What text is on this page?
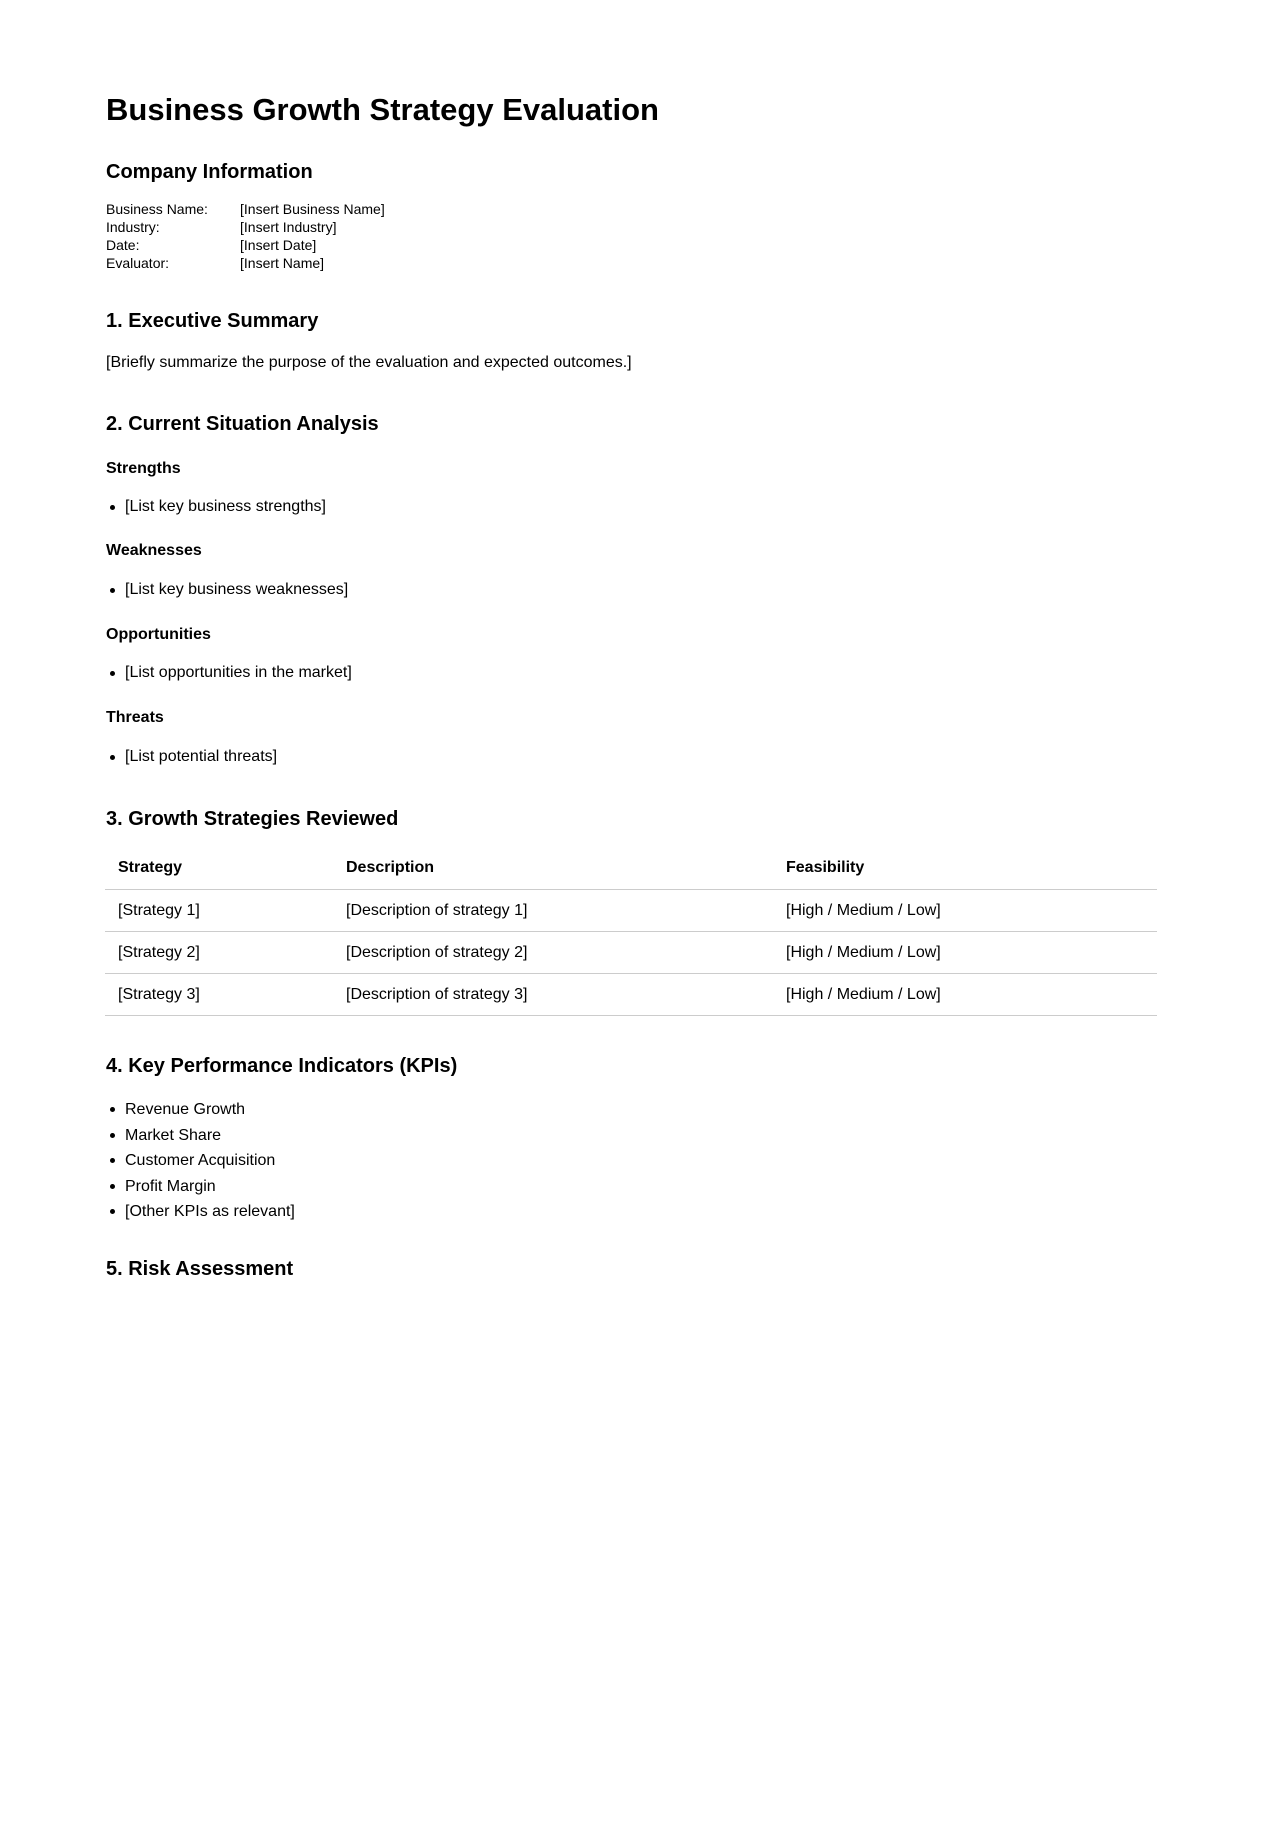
Business Growth Strategy Evaluation
Company Information
Business Name: [Insert Business Name]
Industry:	[Insert Industry]
Date:	[Insert Date]
Evaluator:	[Insert Name]
1. Executive Summary

[Briefly summarize the purpose of the evaluation and expected outcomes.]

2. Current Situation Analysis
Strengths
[List key business strengths]
Weaknesses
[List key business weaknesses]
Opportunities
[List opportunities in the market]
Threats
[List potential threats]
3. Growth Strategies Reviewed
Strategy	Description	Feasibility
[Strategy 1]	[Description of strategy 1]	[High / Medium / Low]
[Strategy 2]	[Description of strategy 2]	[High / Medium / Low]
[Strategy 3]	[Description of strategy 3]	[High / Medium / Low]
4. Key Performance Indicators (KPIs)
Revenue Growth
Market Share
Customer Acquisition
Profit Margin
[Other KPIs as relevant]
5. Risk Assessment
